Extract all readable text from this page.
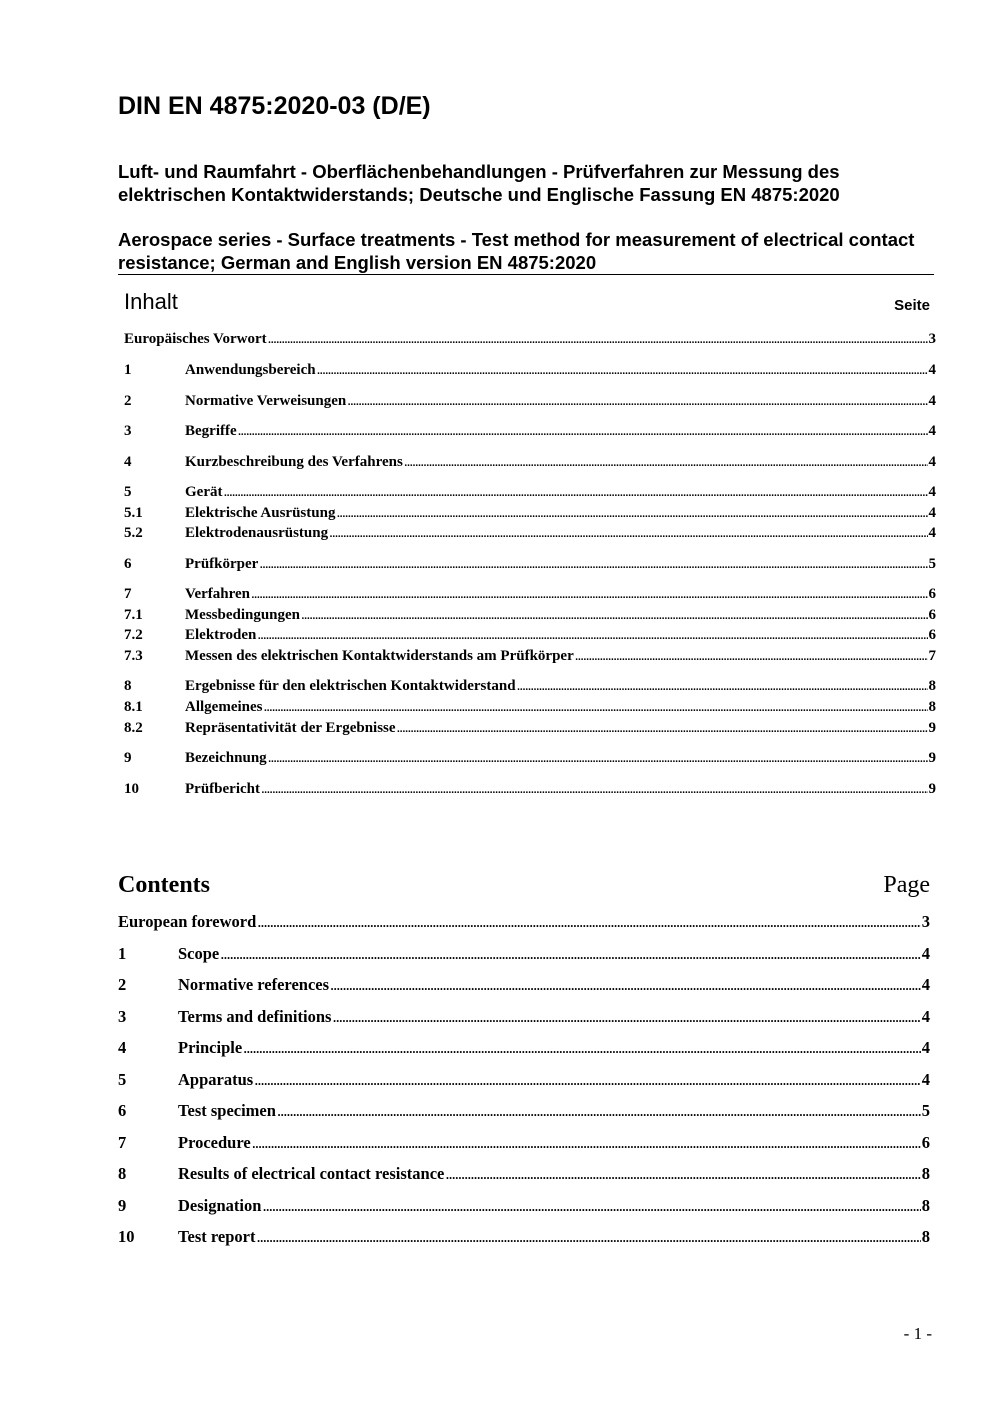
DIN EN 4875:2020-03 (D/E)
Luft- und Raumfahrt - Oberflächenbehandlungen - Prüfverfahren zur Messung des elektrischen Kontaktwiderstands; Deutsche und Englische Fassung EN 4875:2020
Aerospace series - Surface treatments - Test method for measurement of electrical contact resistance; German and English version EN 4875:2020
Inhalt	Seite
Europäisches Vorwort .....	3
1	Anwendungsbereich .....	4
2	Normative Verweisungen .....	4
3	Begriffe .....	4
4	Kurzbeschreibung des Verfahrens .....	4
5	Gerät .....	4
5.1	Elektrische Ausrüstung .....	4
5.2	Elektrodenausrüstung .....	4
6	Prüfkörper .....	5
7	Verfahren .....	6
7.1	Messbedingungen .....	6
7.2	Elektroden .....	6
7.3	Messen des elektrischen Kontaktwiderstands am Prüfkörper .....	7
8	Ergebnisse für den elektrischen Kontaktwiderstand .....	8
8.1	Allgemeines .....	8
8.2	Repräsentativität der Ergebnisse .....	9
9	Bezeichnung .....	9
10	Prüfbericht .....	9
Contents	Page
European foreword .....	3
1	Scope .....	4
2	Normative references .....	4
3	Terms and definitions .....	4
4	Principle .....	4
5	Apparatus .....	4
6	Test specimen .....	5
7	Procedure .....	6
8	Results of electrical contact resistance .....	8
9	Designation .....	8
10	Test report .....	8
- 1 -
